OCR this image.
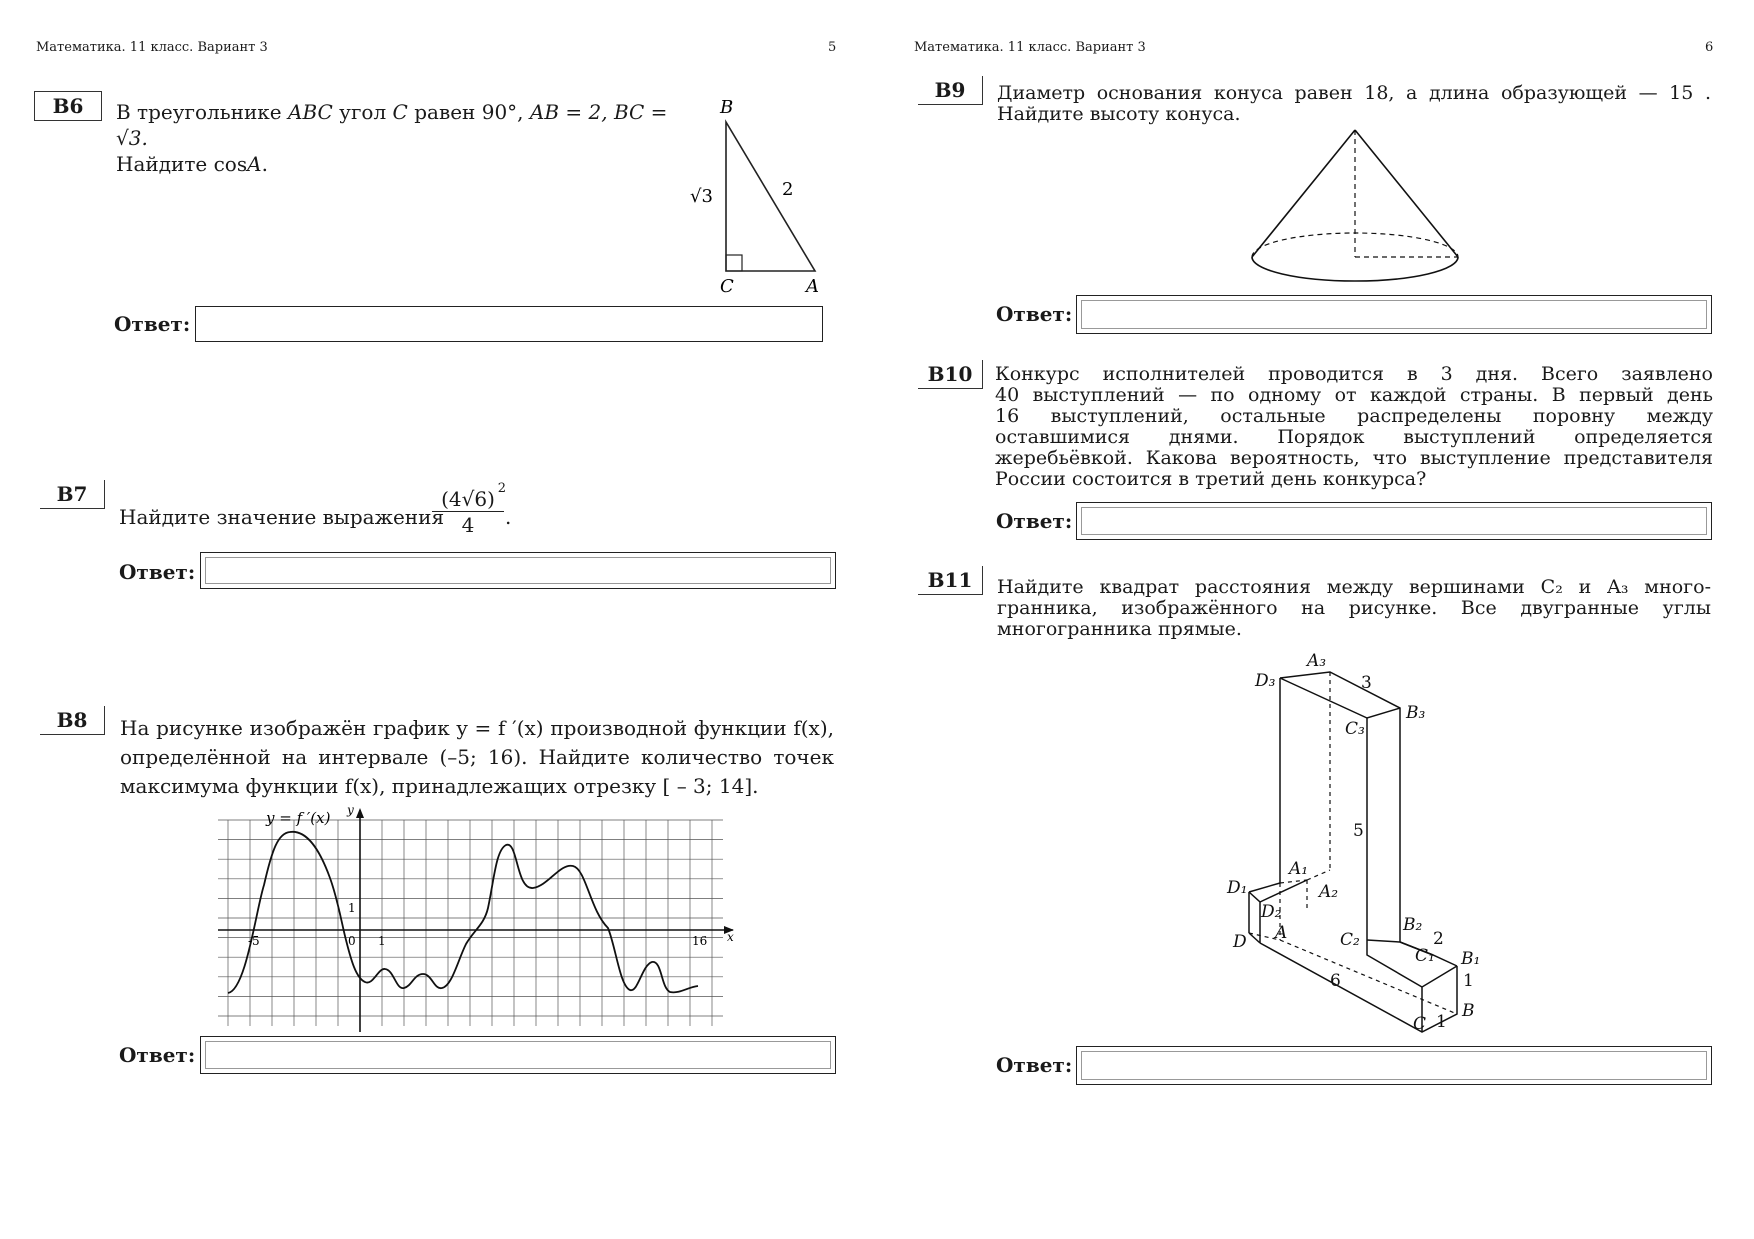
Математика. 11 класс. Вариант 3	5
B6	В треугольнике ABC угол C равен 90°, AB = 2, BC = √3.
Найдите cosA.
B
C	A
2
√3
Ответ:
B7
Найдите значение выражения
$\frac{(4√6) 2}{4}$ .
Ответ:
B8	На рисунке изображён график y = f ′(x) производной функции f(x),
определённой на интервале (–5; 16). Найдите количество точек
максимума функции f(x), принадлежащих отрезку [ – 3; 14].
y = f ′(x) y
x
-5	0 1
1
16
Ответ:
Математика. 11 класс. Вариант 3	6
B9	Диаметр основания конуса равен 18, а длина образующей — 15 .
Найдите высоту конуса.
Ответ:
B10	Конкурс исполнителей проводится в 3 дня. Всего заявлено
40 выступлений — по одному от каждой страны. В первый день
16 выступлений, остальные распределены поровну между
оставшимися днями. Порядок выступлений определяется
жеребьёвкой. Какова вероятность, что выступление представителя
России состоится в третий день конкурса?
Ответ:
B11	Найдите квадрат расстояния между вершинами C₂ и A₃ много-
гранника, изображённого на рисунке. Все двугранные углы
многогранника прямые.
A₃
D₃	3
B₃
C₃
5
A₁
A₂
D₁
D₂
A
D	C₂
B₂
2
C₁ B₁
1
6
C 1
B
Ответ:
